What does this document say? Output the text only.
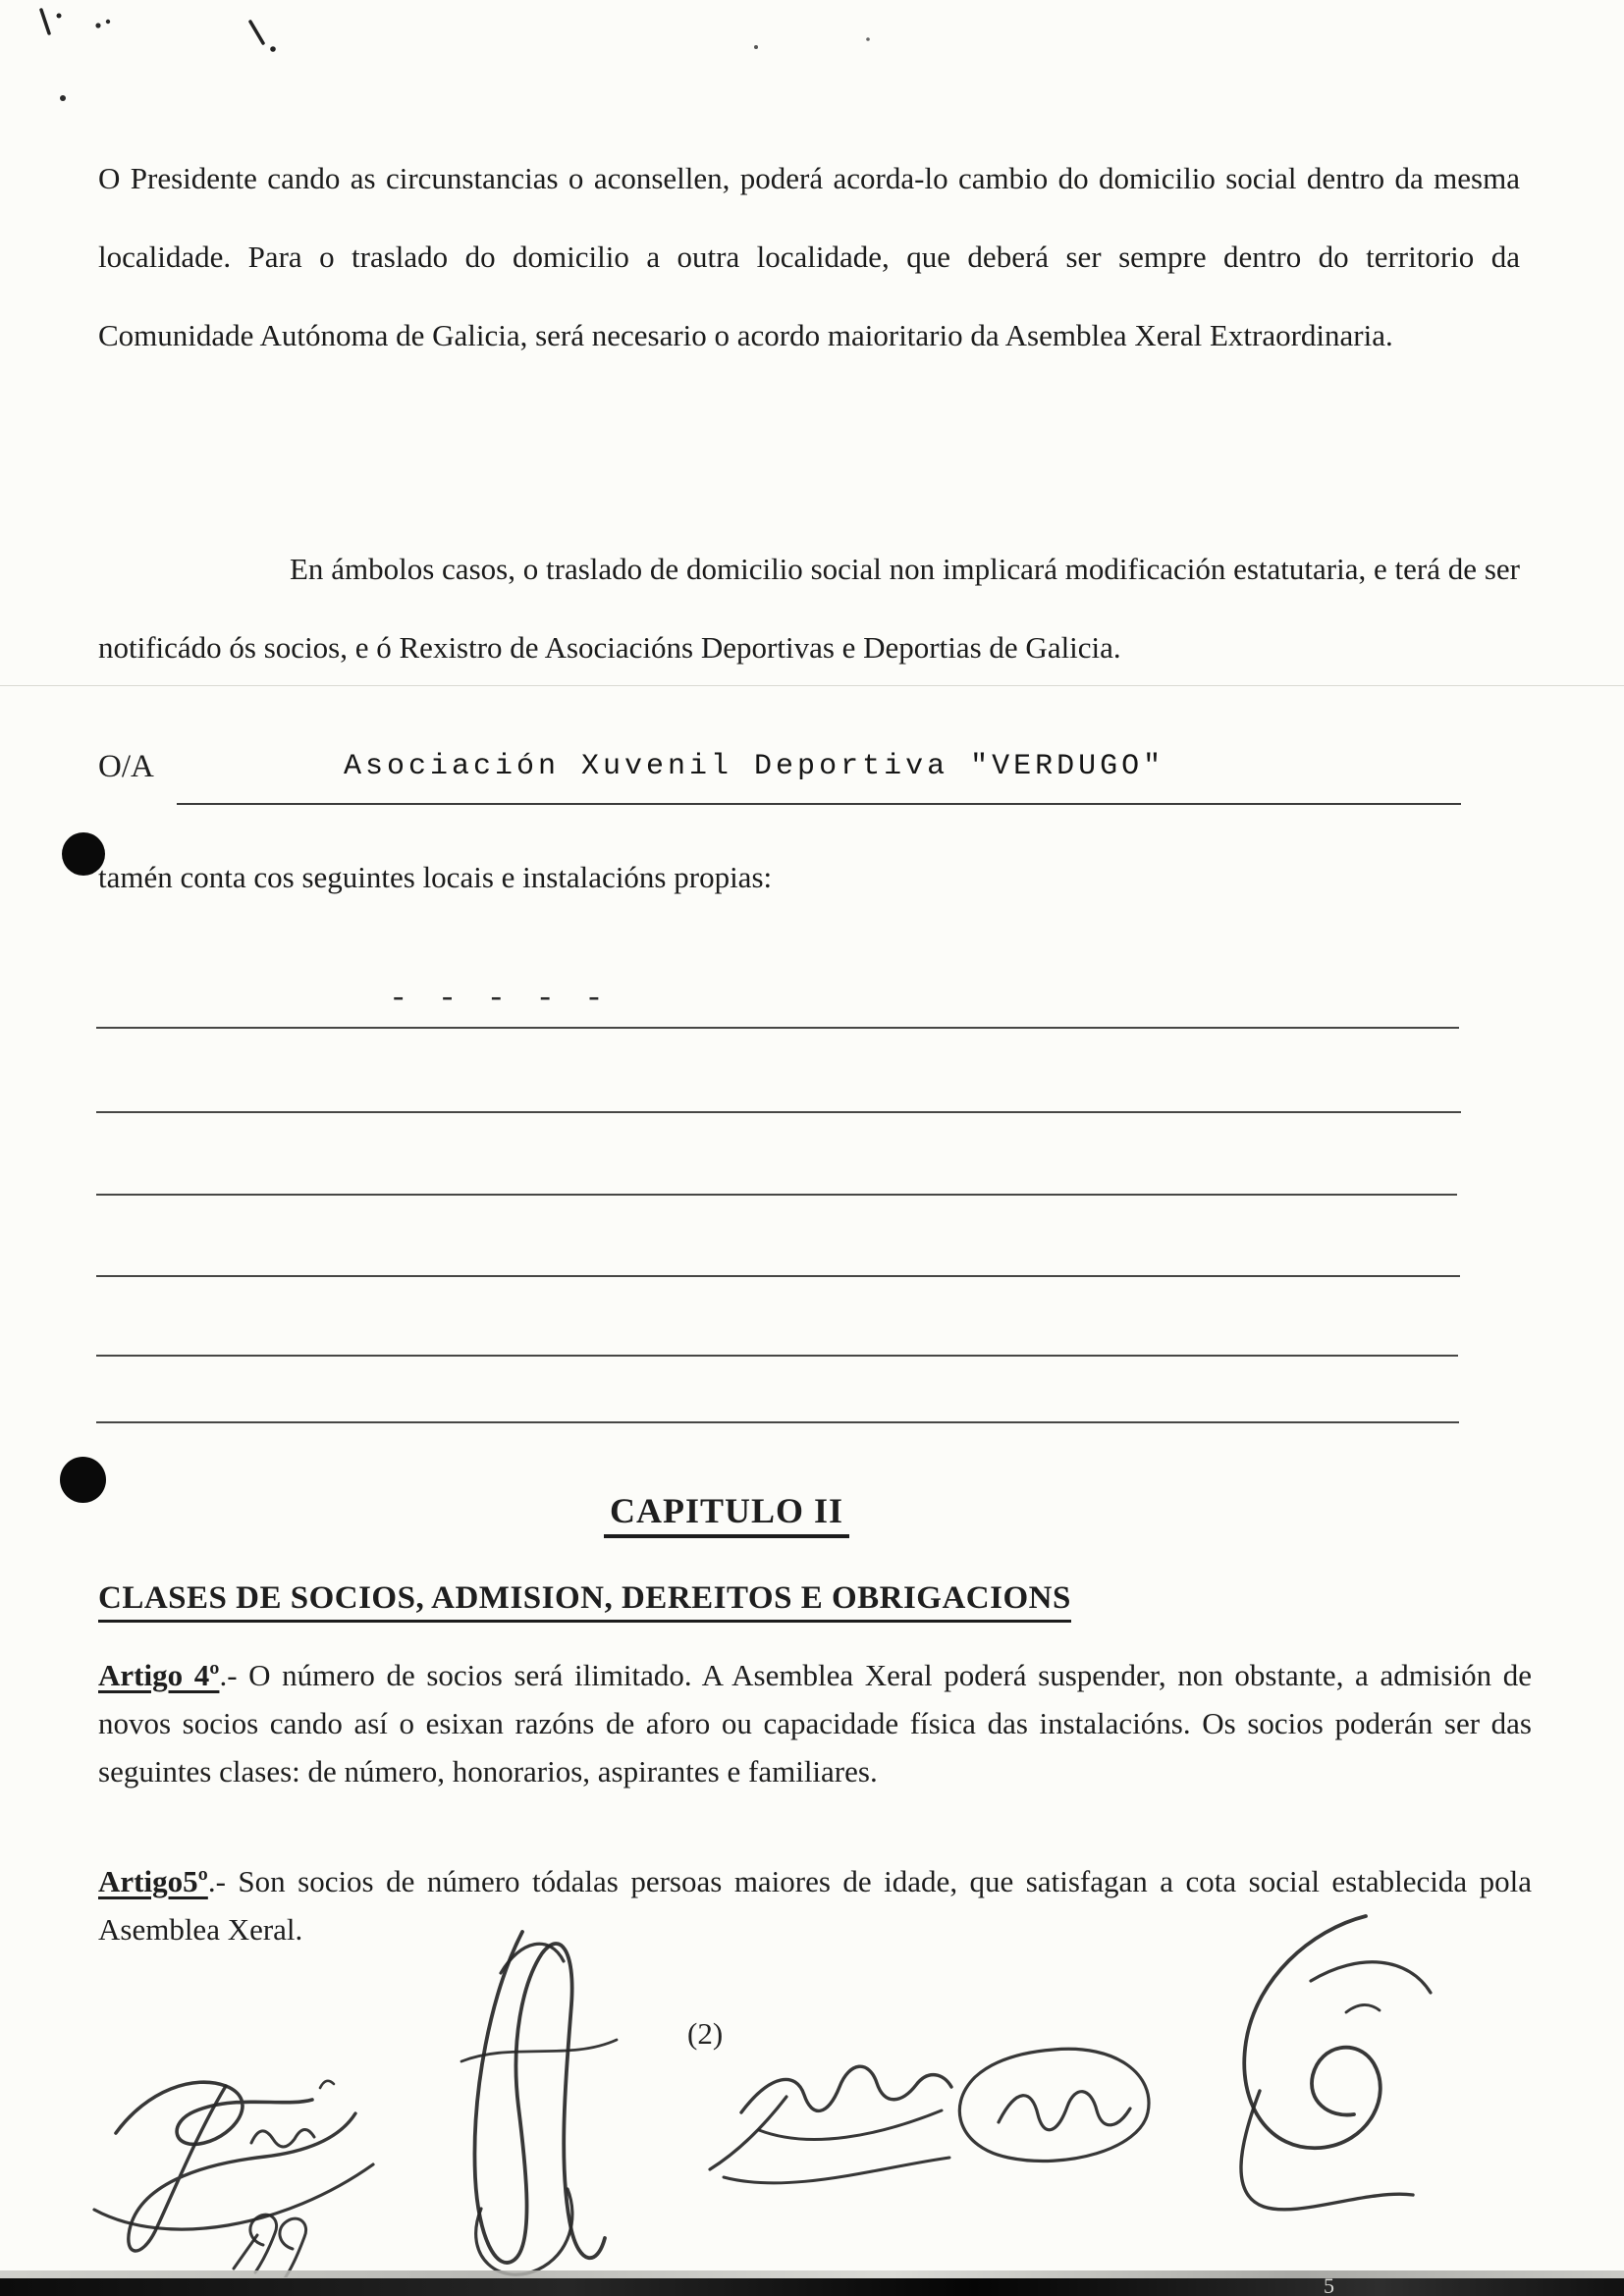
O Presidente cando as circunstancias o aconsellen, poderá acorda-lo cambio do domicilio social dentro da mesma localidade. Para o traslado do domicilio a outra localidade, que deberá ser sempre dentro do territorio da Comunidade Autónoma de Galicia, será necesario o acordo maioritario da Asemblea Xeral Extraordinaria.
En ámbolos casos, o traslado de domicilio social non implicará modificación estatutaria, e terá de ser notificádo ós socios, e ó Rexistro de Asociacións Deportivas e Deportias de Galicia.
O/A	Asociación Xuvenil Deportiva "VERDUGO"
tamén conta cos seguintes locais e instalacións propias:
- - - - -
CAPITULO II
CLASES DE SOCIOS, ADMISION, DEREITOS E OBRIGACIONS
Artigo 4º.- O número de socios será ilimitado. A Asemblea Xeral poderá suspender, non obstante, a admisión de novos socios cando así o esixan razóns de aforo ou capacidade física das instalacións. Os socios poderán ser das seguintes clases: de número, honorarios, aspirantes e familiares.
Artigo5º.- Son socios de número tódalas persoas maiores de idade, que satisfagan a cota social establecida pola Asemblea Xeral.
(2)
5
